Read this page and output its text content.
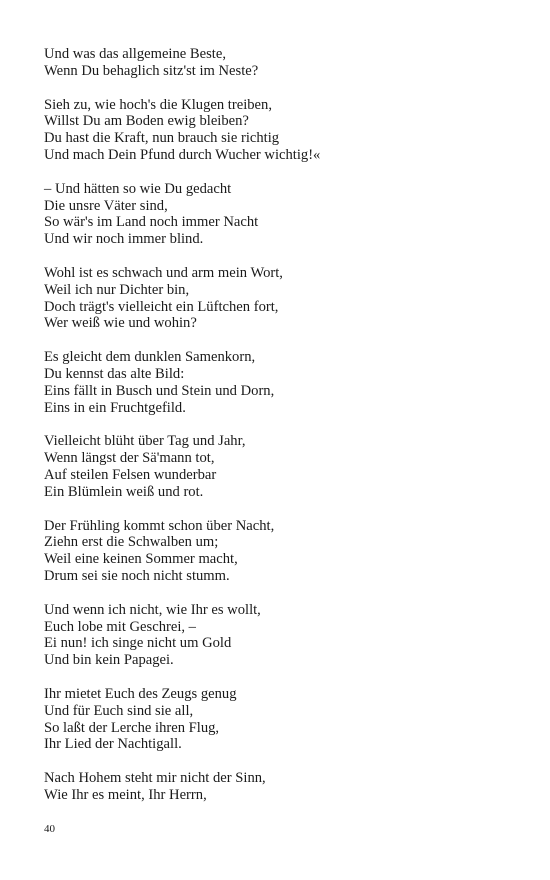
Und was das allgemeine Beste,
Wenn Du behaglich sitz'st im Neste?
Sieh zu, wie hoch's die Klugen treiben,
Willst Du am Boden ewig bleiben?
Du hast die Kraft, nun brauch sie richtig
Und mach Dein Pfund durch Wucher wichtig!«
– Und hätten so wie Du gedacht
Die unsre Väter sind,
So wär's im Land noch immer Nacht
Und wir noch immer blind.
Wohl ist es schwach und arm mein Wort,
Weil ich nur Dichter bin,
Doch trägt's vielleicht ein Lüftchen fort,
Wer weiß wie und wohin?
Es gleicht dem dunklen Samenkorn,
Du kennst das alte Bild:
Eins fällt in Busch und Stein und Dorn,
Eins in ein Fruchtgefild.
Vielleicht blüht über Tag und Jahr,
Wenn längst der Sä'mann tot,
Auf steilen Felsen wunderbar
Ein Blümlein weiß und rot.
Der Frühling kommt schon über Nacht,
Ziehn erst die Schwalben um;
Weil eine keinen Sommer macht,
Drum sei sie noch nicht stumm.
Und wenn ich nicht, wie Ihr es wollt,
Euch lobe mit Geschrei, –
Ei nun! ich singe nicht um Gold
Und bin kein Papagei.
Ihr mietet Euch des Zeugs genug
Und für Euch sind sie all,
So laßt der Lerche ihren Flug,
Ihr Lied der Nachtigall.
Nach Hohem steht mir nicht der Sinn,
Wie Ihr es meint, Ihr Herrn,
40
